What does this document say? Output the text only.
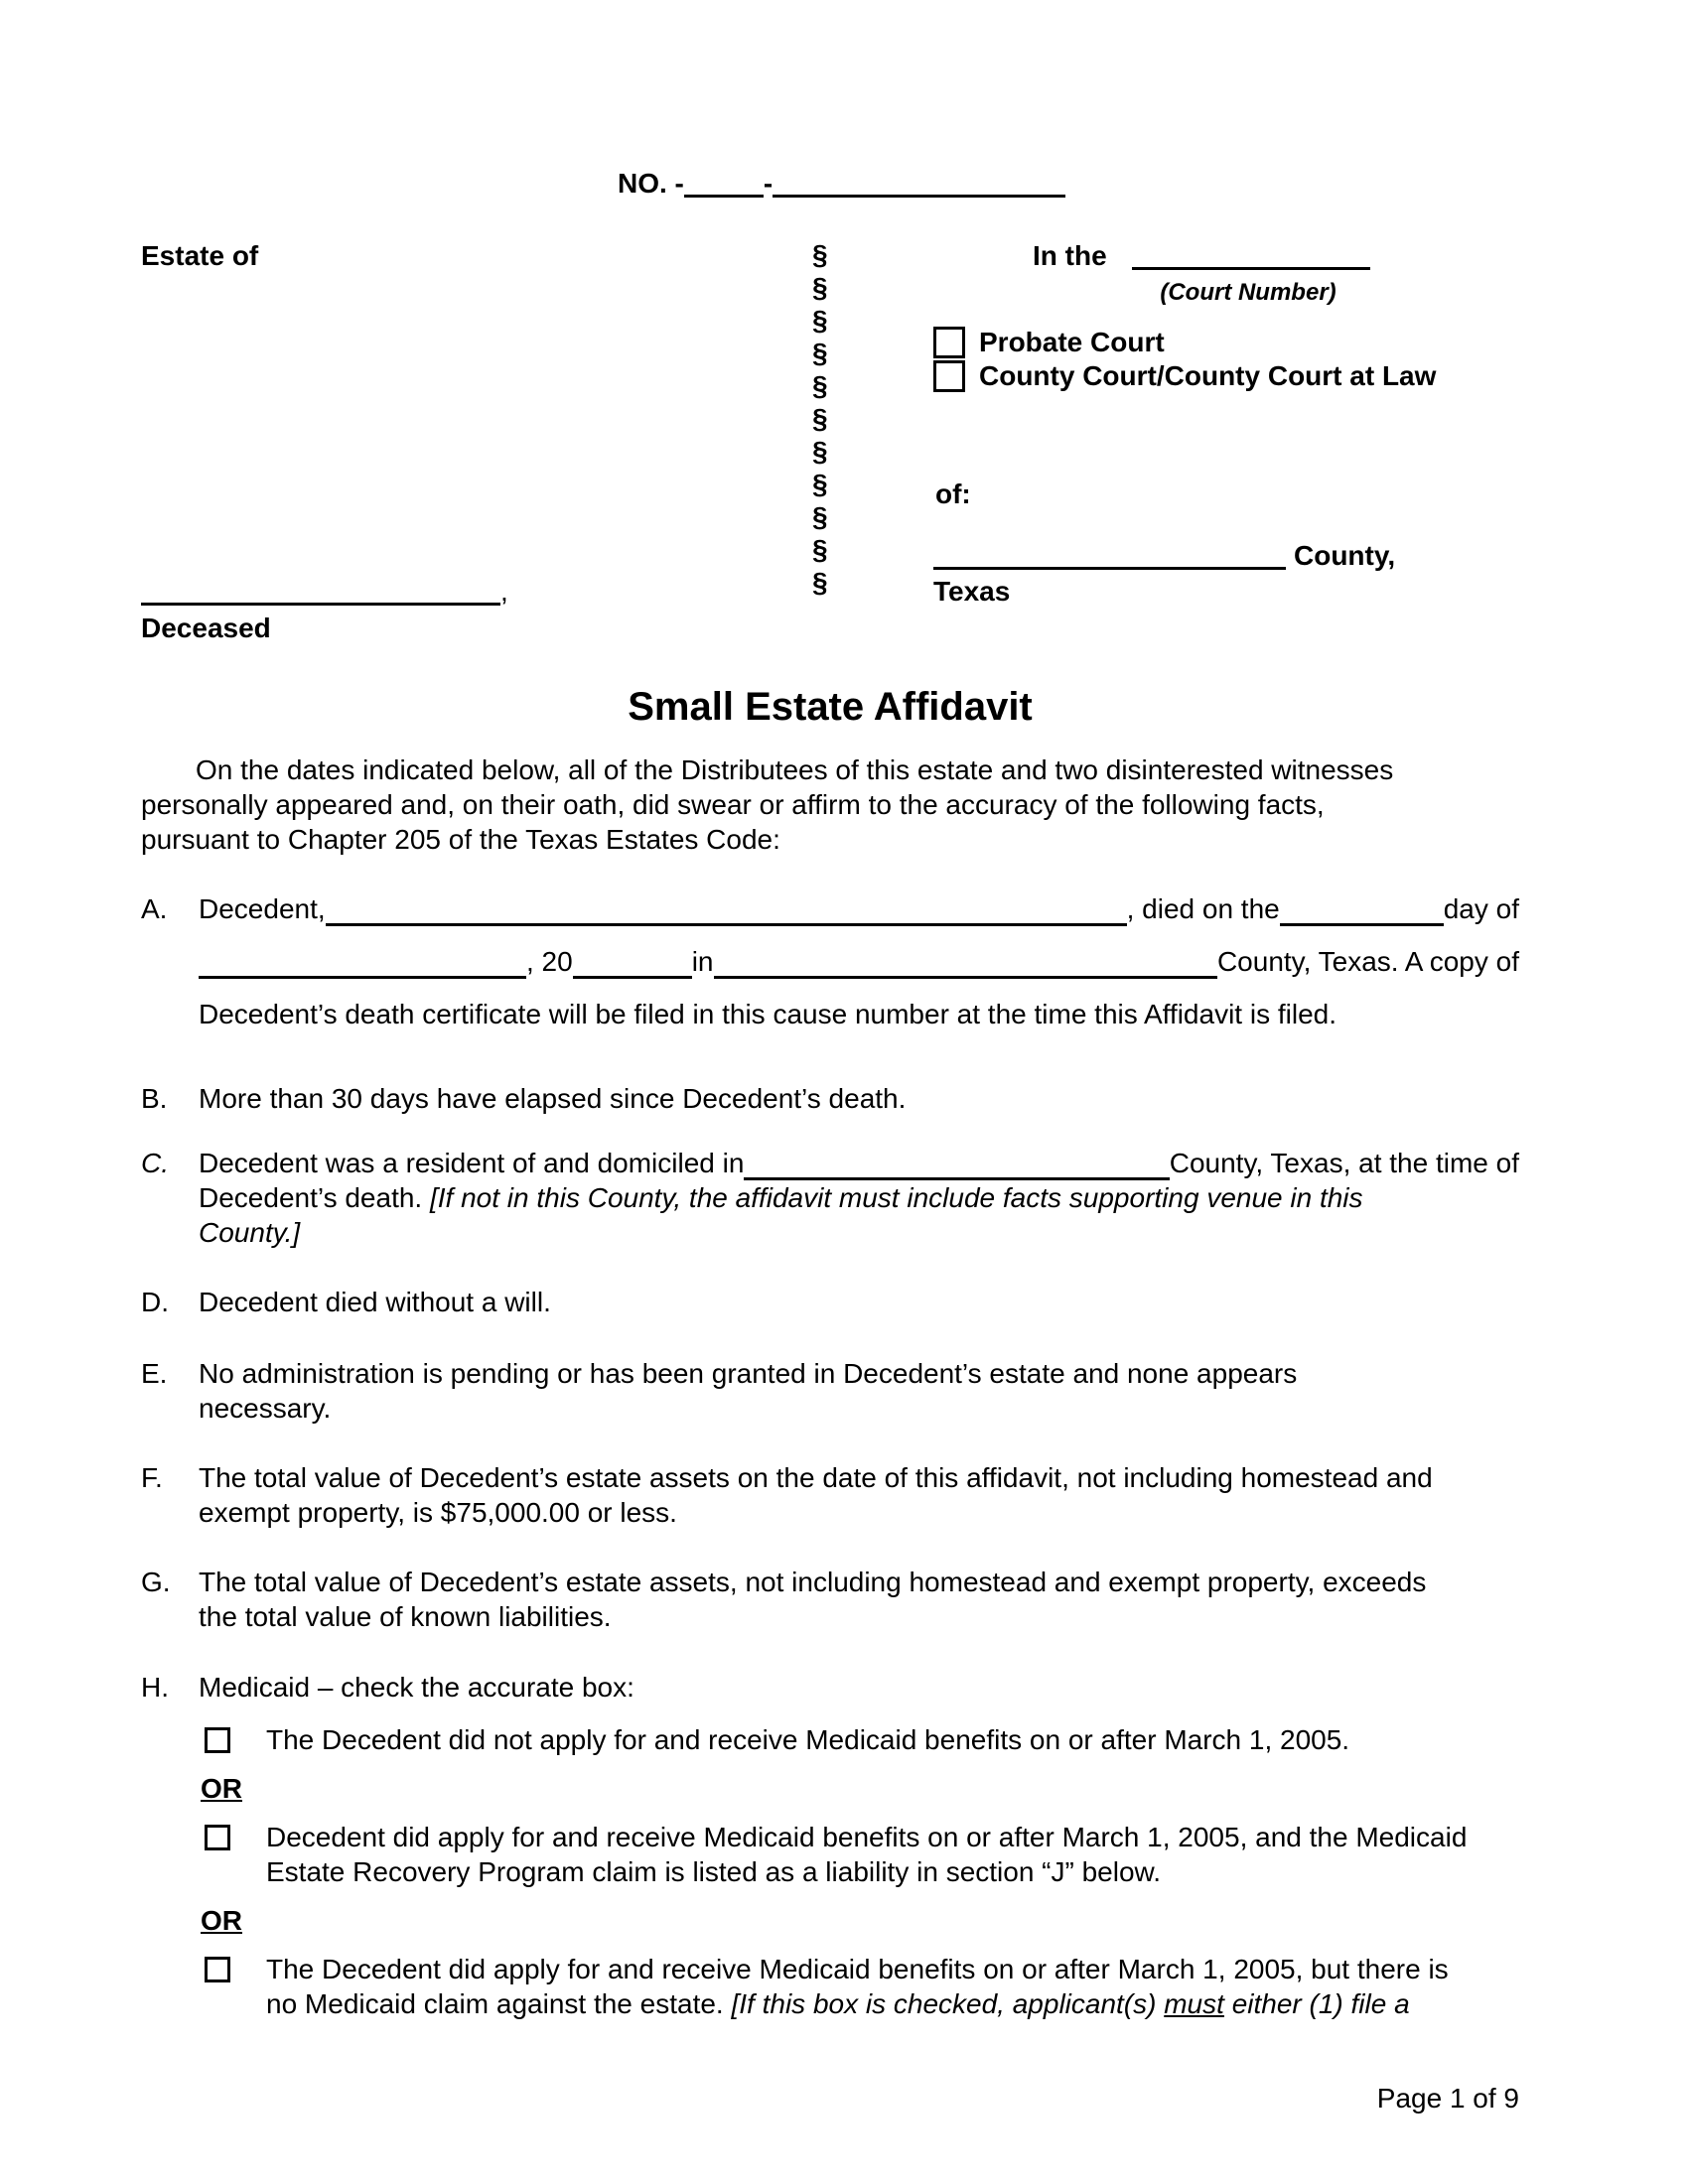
NO. -	-
Estate of	§
§
§
§
§
§
§
§
§
§
§
In the
(Court Number)
Probate Court
County Court/County Court at Law
of:
County,
Texas
,
Deceased
Small Estate Affidavit
On the dates indicated below, all of the Distributees of this estate and two disinterested witnesses
personally appeared and, on their oath, did swear or affirm to the accuracy of the following facts,
pursuant to Chapter 205 of the Texas Estates Code:
A.	Decedent,	, died on the	day of
, 20	in	County, Texas. A copy of
Decedent’s death certificate will be filed in this cause number at the time this Affidavit is filed.
B.	More than 30 days have elapsed since Decedent’s death.
C.	Decedent was a resident of and domiciled in	County, Texas, at the time of
Decedent’s death. [If not in this County, the affidavit must include facts supporting venue in this
County.]
D.	Decedent died without a will.
E.	No administration is pending or has been granted in Decedent’s estate and none appears
necessary.
F.	The total value of Decedent’s estate assets on the date of this affidavit, not including homestead and
exempt property, is $75,000.00 or less.
G.	The total value of Decedent’s estate assets, not including homestead and exempt property, exceeds
the total value of known liabilities.
H.	Medicaid – check the accurate box:
The Decedent did not apply for and receive Medicaid benefits on or after March 1, 2005.
OR
Decedent did apply for and receive Medicaid benefits on or after March 1, 2005, and the Medicaid
Estate Recovery Program claim is listed as a liability in section “J” below.
OR
The Decedent did apply for and receive Medicaid benefits on or after March 1, 2005, but there is
no Medicaid claim against the estate. [If this box is checked, applicant(s) must either (1) file a
Page 1 of 9
